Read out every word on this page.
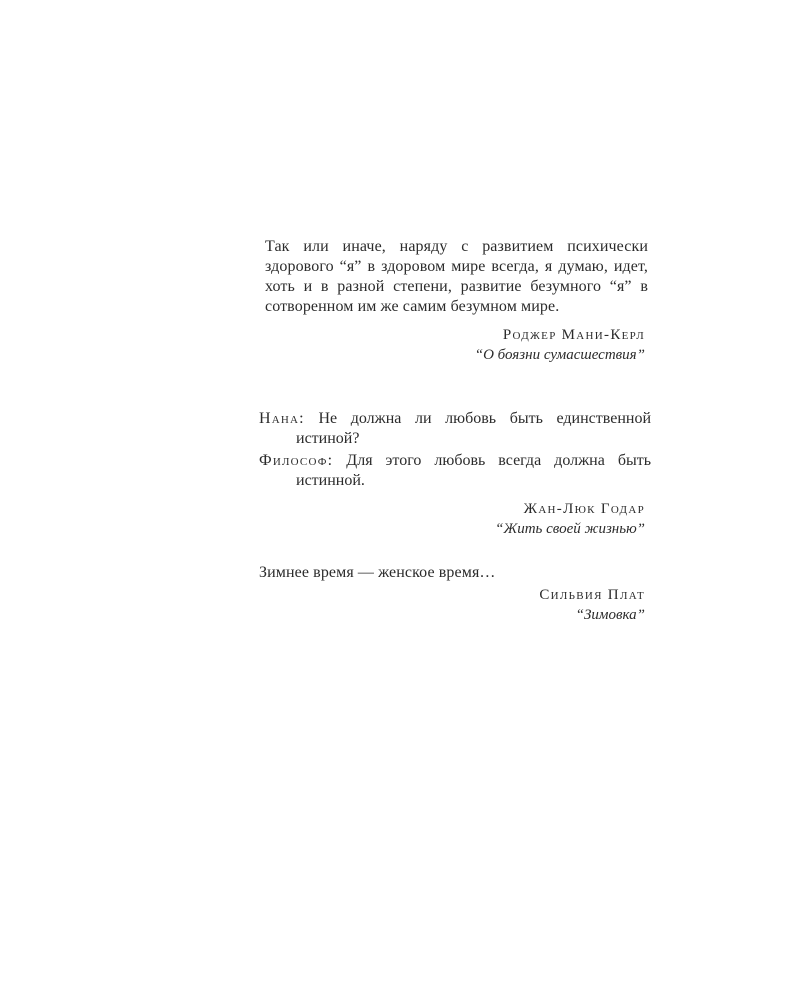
Так или иначе, наряду с развитием психически здорового “я” в здоровом мире всегда, я думаю, идет, хоть и в разной степени, развитие безумного “я” в сотворенном им же самим безумном мире.

Роджер Мани-Керл
“О боязни сумасшествия”

Нана: Не должна ли любовь быть единственной истиной?

Философ: Для этого любовь всегда должна быть истинной.

Жан-Люк Годар
“Жить своей жизнью”

Зимнее время — женское время…

Сильвия Плат
“Зимовка”
